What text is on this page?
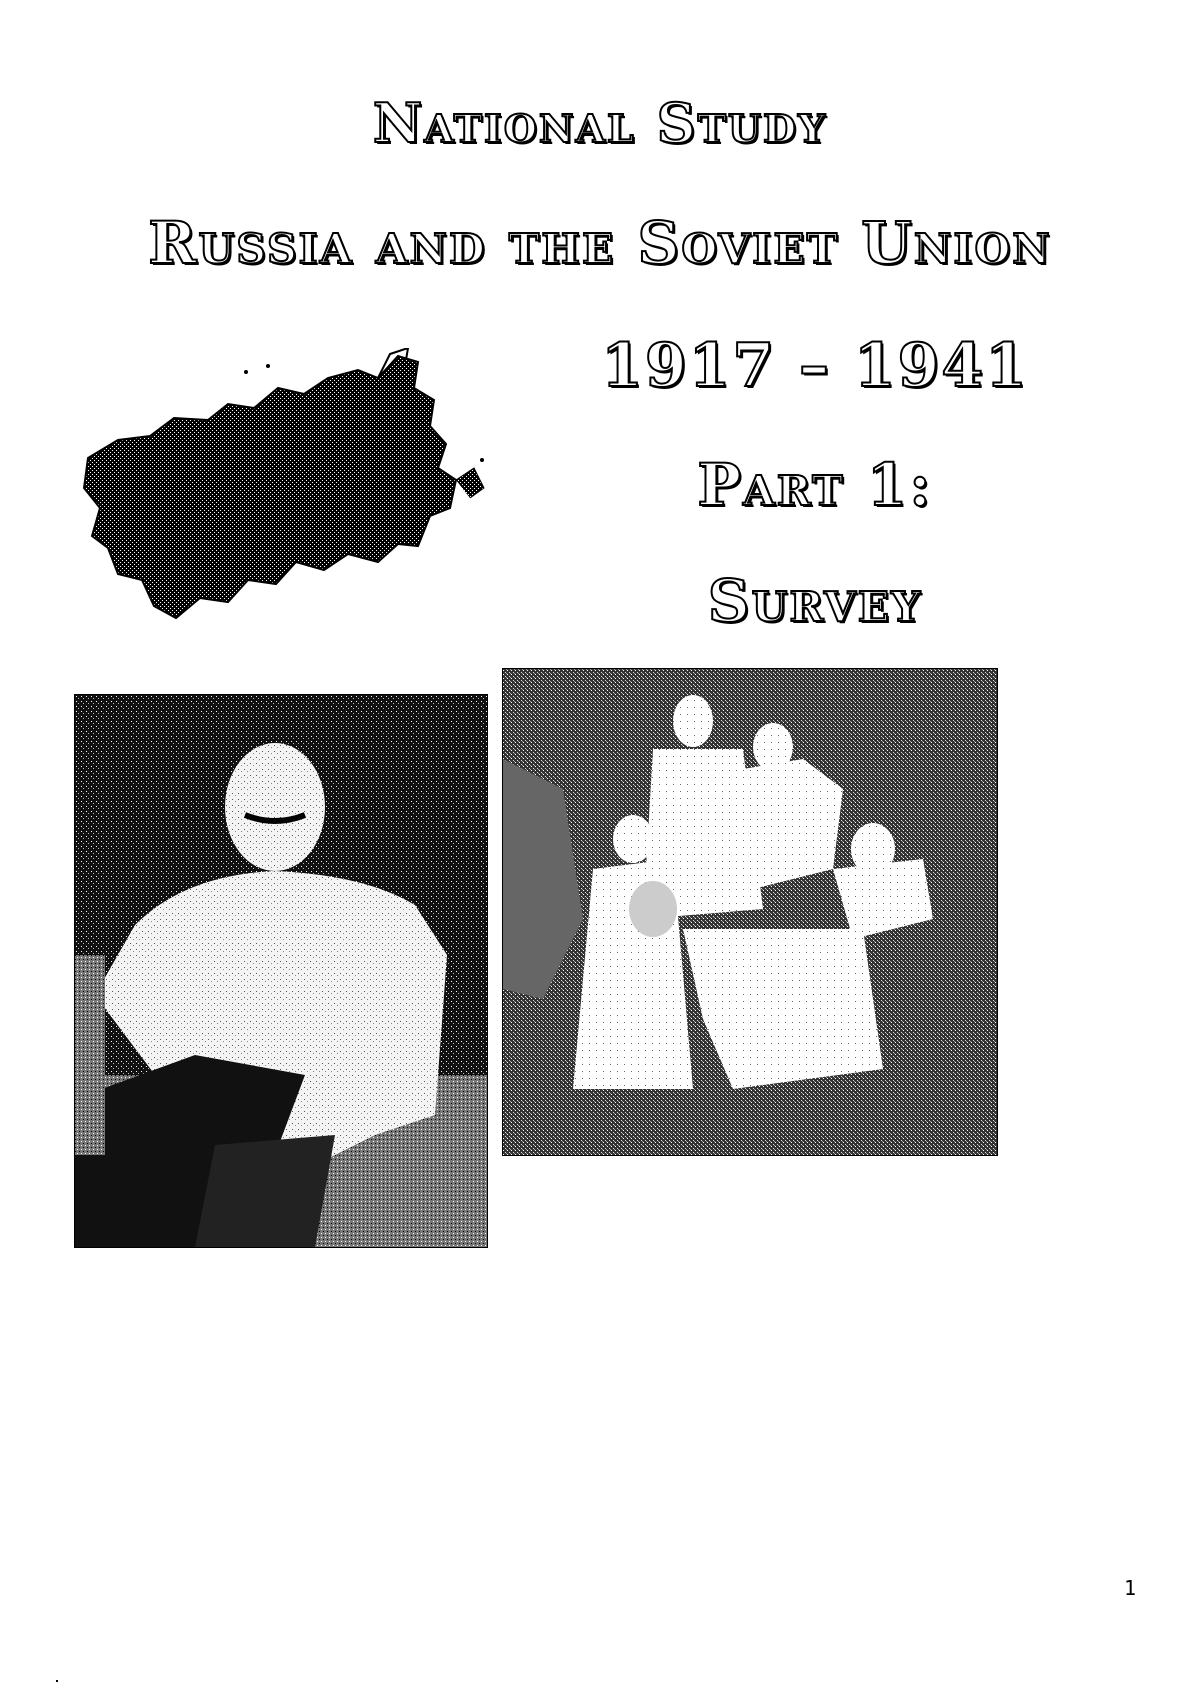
National Study
Russia and the Soviet Union
1917 – 1941
Part 1:
Survey
1
